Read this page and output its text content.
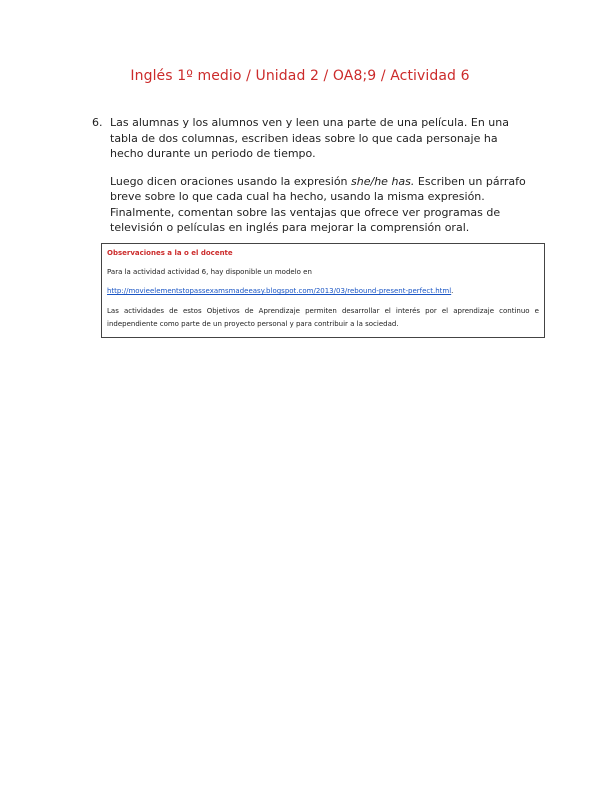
Inglés 1º medio / Unidad 2 / OA8;9 / Actividad 6
6. Las alumnas y los alumnos ven y leen una parte de una película. En una tabla de dos columnas, escriben ideas sobre lo que cada personaje ha hecho durante un periodo de tiempo.
Luego dicen oraciones usando la expresión she/he has. Escriben un párrafo breve sobre lo que cada cual ha hecho, usando la misma expresión. Finalmente, comentan sobre las ventajas que ofrece ver programas de televisión o películas en inglés para mejorar la comprensión oral.
Observaciones a la o el docente
Para la actividad actividad 6, hay disponible un modelo en
http://movieelementstopassexamsmadeeasy.blogspot.com/2013/03/rebound-present-perfect.html.
Las actividades de estos Objetivos de Aprendizaje permiten desarrollar el interés por el aprendizaje continuo e independiente como parte de un proyecto personal y para contribuir a la sociedad.
